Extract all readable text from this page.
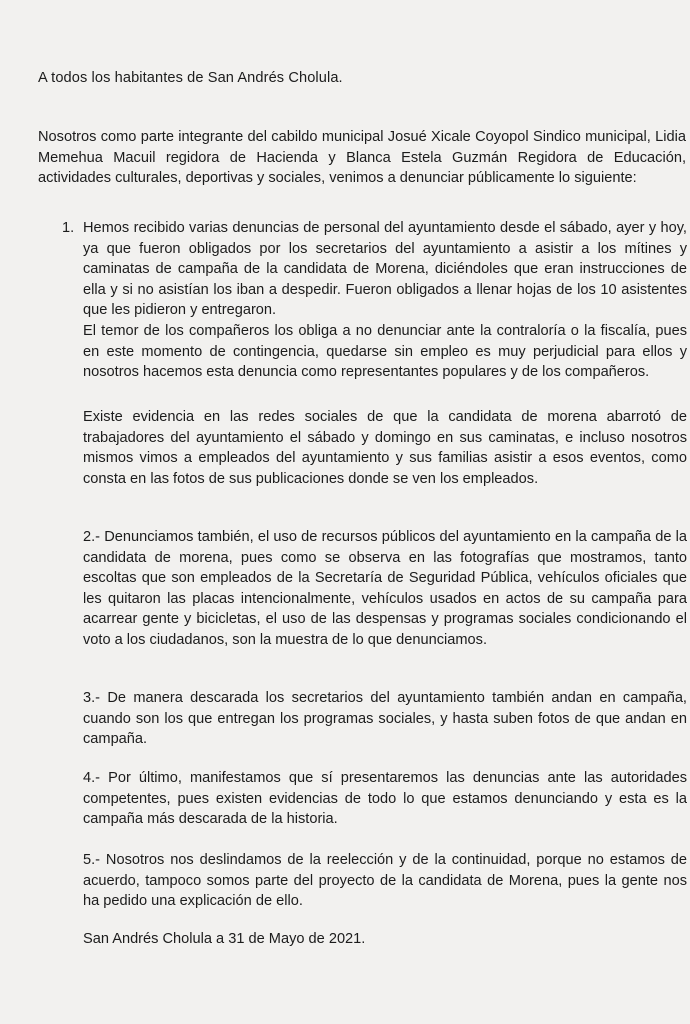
A todos los habitantes de San Andrés Cholula.
Nosotros como parte integrante del cabildo municipal Josué Xicale Coyopol Sindico municipal, Lidia Memehua Macuil regidora de Hacienda y Blanca Estela Guzmán Regidora de Educación, actividades culturales, deportivas y sociales, venimos a denunciar públicamente lo siguiente:
1. Hemos recibido varias denuncias de personal del ayuntamiento desde el sábado, ayer y hoy, ya que fueron obligados por los secretarios del ayuntamiento a asistir a los mítines y caminatas de campaña de la candidata de Morena, diciéndoles que eran instrucciones de ella y si no asistían los iban a despedir. Fueron obligados a llenar hojas de los 10 asistentes que les pidieron y entregaron.

El temor de los compañeros los obliga a no denunciar ante la contraloría o la fiscalía, pues en este momento de contingencia, quedarse sin empleo es muy perjudicial para ellos y nosotros hacemos esta denuncia como representantes populares y de los compañeros.

Existe evidencia en las redes sociales de que la candidata de morena abarrotó de trabajadores del ayuntamiento el sábado y domingo en sus caminatas, e incluso nosotros mismos vimos a empleados del ayuntamiento y sus familias asistir a esos eventos, como consta en las fotos de sus publicaciones donde se ven los empleados.

2.- Denunciamos también, el uso de recursos públicos del ayuntamiento en la campaña de la candidata de morena, pues como se observa en las fotografías que mostramos, tanto escoltas que son empleados de la Secretaría de Seguridad Pública, vehículos oficiales que les quitaron las placas intencionalmente, vehículos usados en actos de su campaña para acarrear gente y bicicletas, el uso de las despensas y programas sociales condicionando el voto a los ciudadanos, son la muestra de lo que denunciamos.

3.- De manera descarada los secretarios del ayuntamiento también andan en campaña, cuando son los que entregan los programas sociales, y hasta suben fotos de que andan en campaña.

4.- Por último, manifestamos que sí presentaremos las denuncias ante las autoridades competentes, pues existen evidencias de todo lo que estamos denunciando y esta es la campaña más descarada de la historia.

5.- Nosotros nos deslindamos de la reelección y de la continuidad, porque no estamos de acuerdo, tampoco somos parte del proyecto de la candidata de Morena, pues la gente nos ha pedido una explicación de ello.

San Andrés Cholula a 31 de Mayo de 2021.
